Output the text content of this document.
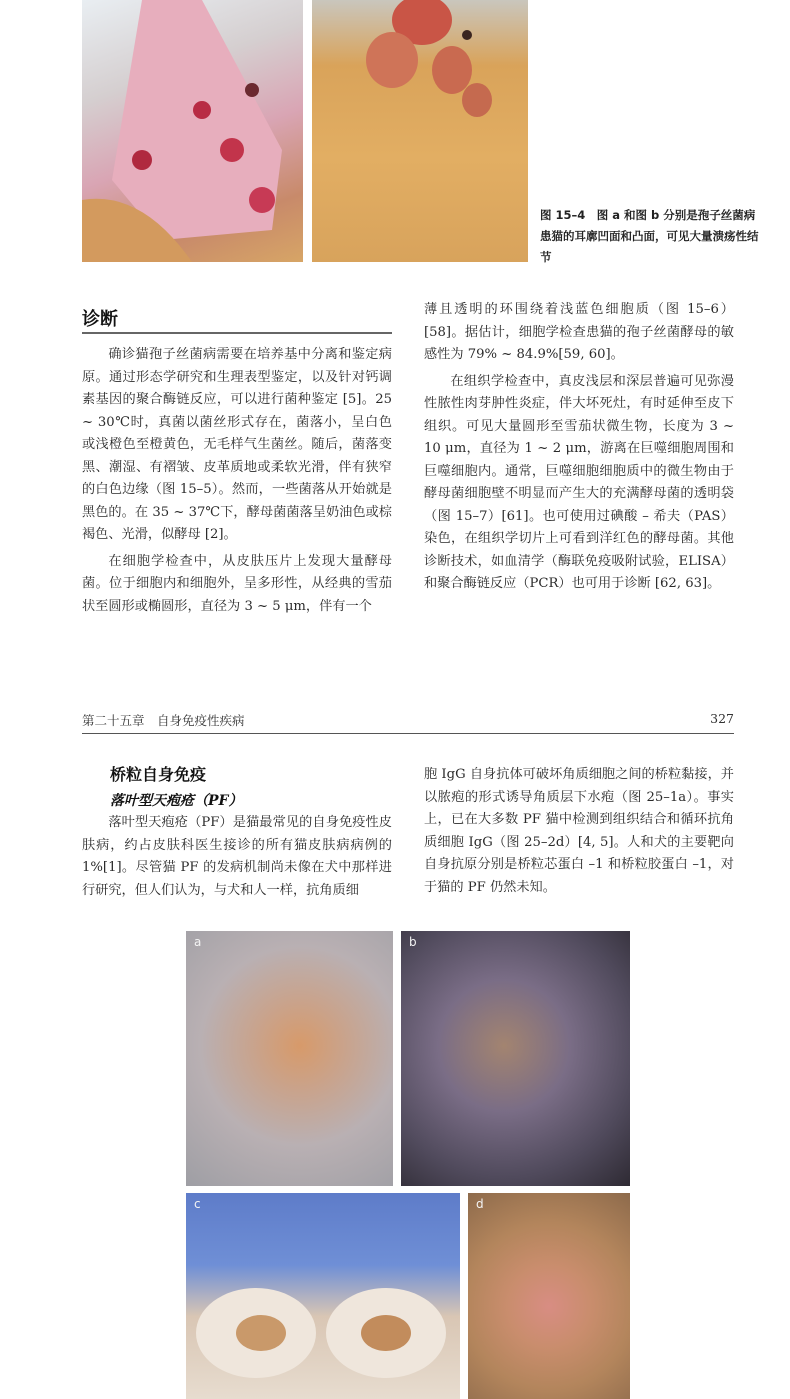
图 15–4　图 a 和图 b 分别是孢子丝菌病患猫的耳廓凹面和凸面，可见大量溃疡性结节
诊断

确诊猫孢子丝菌病需要在培养基中分离和鉴定病原。通过形态学研究和生理表型鉴定，以及针对钙调素基因的聚合酶链反应，可以进行菌种鉴定 [5]。25 ~ 30℃时，真菌以菌丝形式存在，菌落小，呈白色或浅橙色至橙黄色，无毛样气生菌丝。随后，菌落变黑、潮湿、有褶皱、皮革质地或柔软光滑，伴有狭窄的白色边缘（图 15–5）。然而，一些菌落从开始就是黑色的。在 35 ~ 37℃下，酵母菌菌落呈奶油色或棕褐色、光滑，似酵母 [2]。

在细胞学检查中，从皮肤压片上发现大量酵母菌。位于细胞内和细胞外，呈多形性，从经典的雪茄状至圆形或椭圆形，直径为 3 ~ 5 μm，伴有一个

薄且透明的环围绕着浅蓝色细胞质（图 15–6）[58]。据估计，细胞学检查患猫的孢子丝菌酵母的敏感性为 79% ~ 84.9%[59, 60]。

在组织学检查中，真皮浅层和深层普遍可见弥漫性脓性肉芽肿性炎症，伴大坏死灶，有时延伸至皮下组织。可见大量圆形至雪茄状微生物，长度为 3 ~ 10 μm，直径为 1 ~ 2 μm，游离在巨噬细胞周围和巨噬细胞内。通常，巨噬细胞细胞质中的微生物由于酵母菌细胞壁不明显而产生大的充满酵母菌的透明袋（图 15–7）[61]。也可使用过碘酸 – 希夫（PAS）染色，在组织学切片上可看到洋红色的酵母菌。其他诊断技术，如血清学（酶联免疫吸附试验，ELISA）和聚合酶链反应（PCR）也可用于诊断 [62, 63]。

第二十五章　自身免疫性疾病	327
桥粒自身免疫
落叶型天疱疮（PF）

落叶型天疱疮（PF）是猫最常见的自身免疫性皮肤病，约占皮肤科医生接诊的所有猫皮肤病病例的 1%[1]。尽管猫 PF 的发病机制尚未像在犬中那样进行研究，但人们认为，与犬和人一样，抗角质细

胞 IgG 自身抗体可破坏角质细胞之间的桥粒黏接，并以脓疱的形式诱导角质层下水疱（图 25–1a）。事实上，已在大多数 PF 猫中检测到组织结合和循环抗角质细胞 IgG（图 25–2d）[4, 5]。人和犬的主要靶向自身抗原分别是桥粒芯蛋白 –1 和桥粒胶蛋白 –1，对于猫的 PF 仍然未知。

a	b
c	d
